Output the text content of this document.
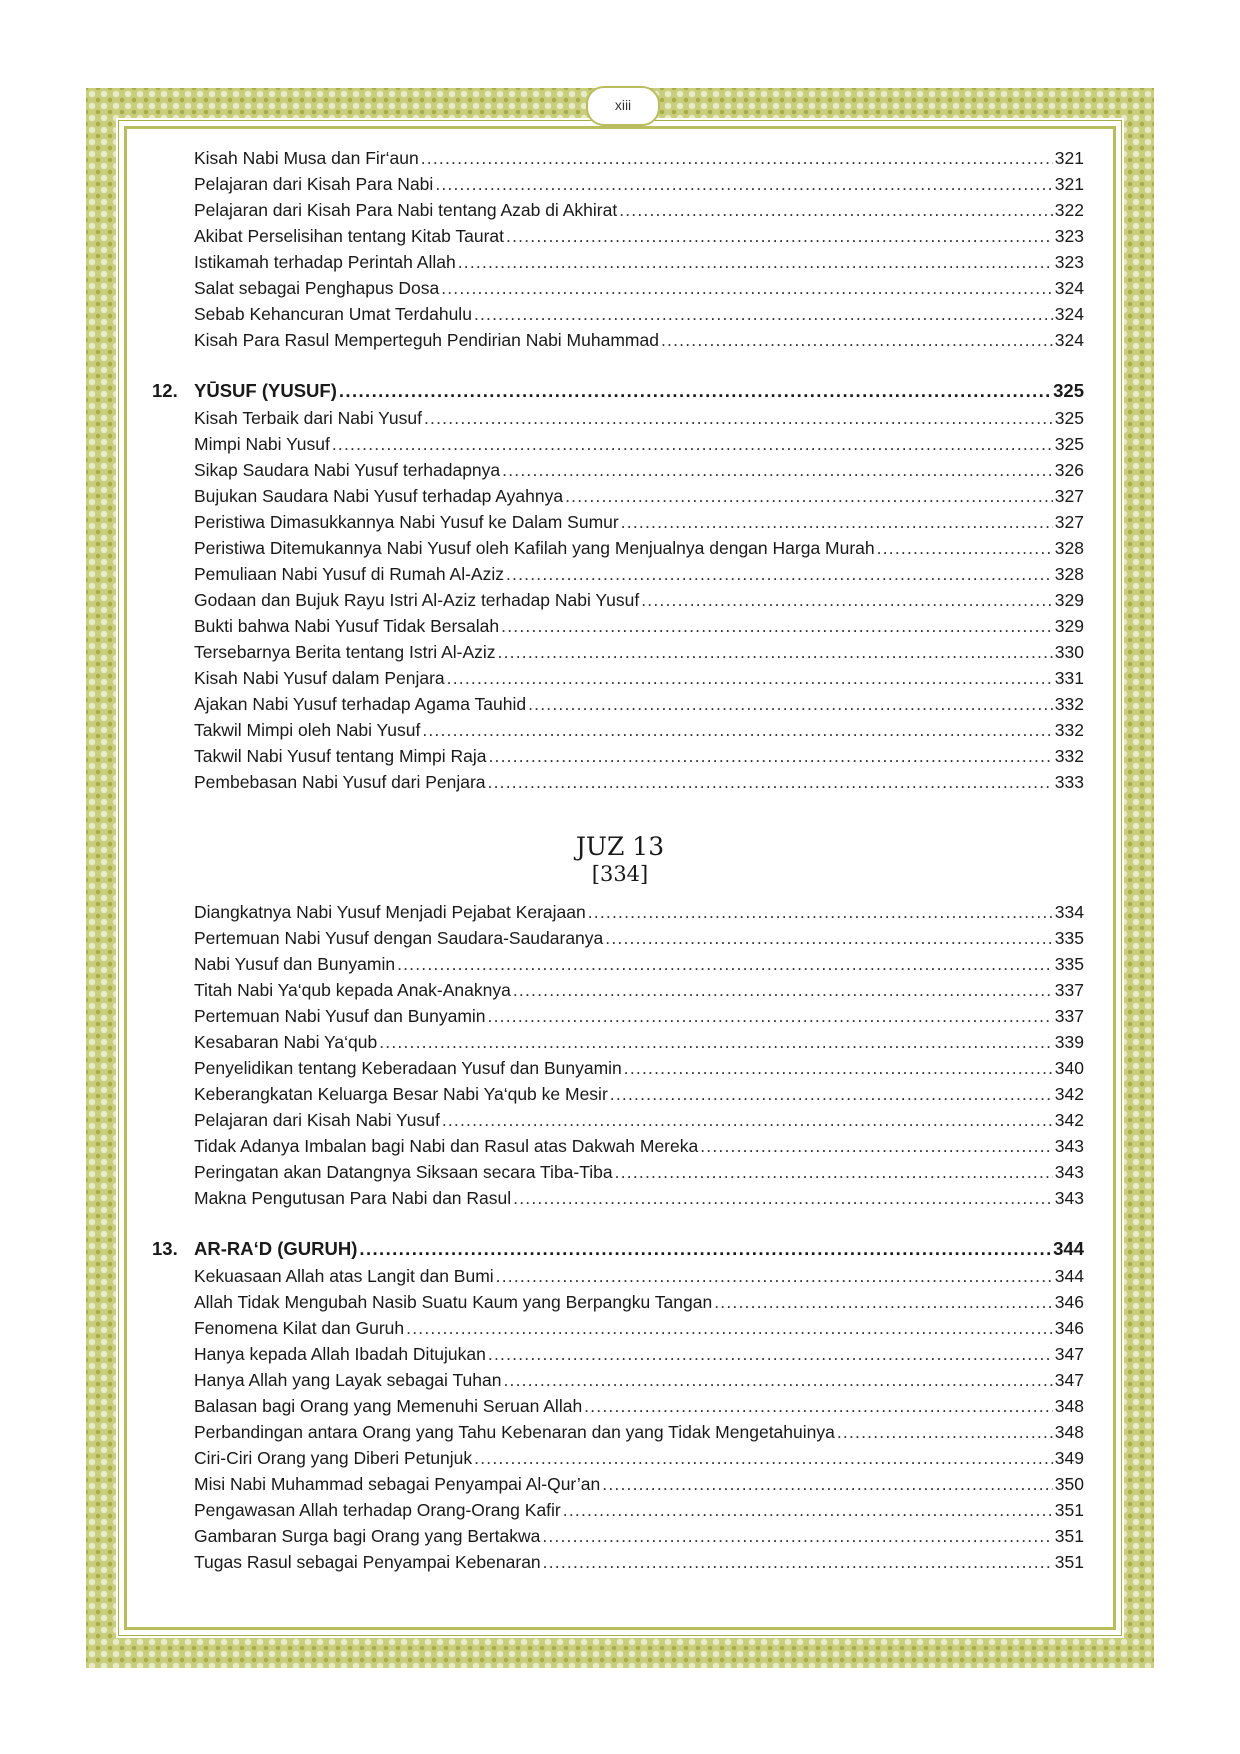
xiii
Kisah Nabi Musa dan Fir‘aun .....	321
Pelajaran dari Kisah Para Nabi .....	321
Pelajaran dari Kisah Para Nabi tentang Azab di Akhirat .....	322
Akibat Perselisihan tentang Kitab Taurat .....	323
Istikamah terhadap Perintah Allah .....	323
Salat sebagai Penghapus Dosa .....	324
Sebab Kehancuran Umat Terdahulu .....	324
Kisah Para Rasul Memperteguh Pendirian Nabi Muhammad .....	324
12. YŪSUF (YUSUF) .....	325
Kisah Terbaik dari Nabi Yusuf .....	325
Mimpi Nabi Yusuf .....	325
Sikap Saudara Nabi Yusuf terhadapnya .....	326
Bujukan Saudara Nabi Yusuf terhadap Ayahnya .....	327
Peristiwa Dimasukkannya Nabi Yusuf ke Dalam Sumur .....	327
Peristiwa Ditemukannya Nabi Yusuf oleh Kafilah yang Menjualnya dengan Harga Murah .....	328
Pemuliaan Nabi Yusuf di Rumah Al-Aziz .....	328
Godaan dan Bujuk Rayu Istri Al-Aziz terhadap Nabi Yusuf .....	329
Bukti bahwa Nabi Yusuf Tidak Bersalah .....	329
Tersebarnya Berita tentang Istri Al-Aziz .....	330
Kisah Nabi Yusuf dalam Penjara .....	331
Ajakan Nabi Yusuf terhadap Agama Tauhid .....	332
Takwil Mimpi oleh Nabi Yusuf .....	332
Takwil Nabi Yusuf tentang Mimpi Raja .....	332
Pembebasan Nabi Yusuf dari Penjara .....	333
JUZ 13
[334]
Diangkatnya Nabi Yusuf Menjadi Pejabat Kerajaan .....	334
Pertemuan Nabi Yusuf dengan Saudara-Saudaranya .....	335
Nabi Yusuf dan Bunyamin .....	335
Titah Nabi Ya‘qub kepada Anak-Anaknya .....	337
Pertemuan Nabi Yusuf dan Bunyamin .....	337
Kesabaran Nabi Ya‘qub .....	339
Penyelidikan tentang Keberadaan Yusuf dan Bunyamin .....	340
Keberangkatan Keluarga Besar Nabi Ya‘qub ke Mesir .....	342
Pelajaran dari Kisah Nabi Yusuf .....	342
Tidak Adanya Imbalan bagi Nabi dan Rasul atas Dakwah Mereka .....	343
Peringatan akan Datangnya Siksaan secara Tiba-Tiba .....	343
Makna Pengutusan Para Nabi dan Rasul .....	343
13. AR-RA‘D (GURUH) .....	344
Kekuasaan Allah atas Langit dan Bumi .....	344
Allah Tidak Mengubah Nasib Suatu Kaum yang Berpangku Tangan .....	346
Fenomena Kilat dan Guruh .....	346
Hanya kepada Allah Ibadah Ditujukan .....	347
Hanya Allah yang Layak sebagai Tuhan .....	347
Balasan bagi Orang yang Memenuhi Seruan Allah .....	348
Perbandingan antara Orang yang Tahu Kebenaran dan yang Tidak Mengetahuinya .....	348
Ciri-Ciri Orang yang Diberi Petunjuk .....	349
Misi Nabi Muhammad sebagai Penyampai Al-Qur’an .....	350
Pengawasan Allah terhadap Orang-Orang Kafir .....	351
Gambaran Surga bagi Orang yang Bertakwa .....	351
Tugas Rasul sebagai Penyampai Kebenaran .....	351
